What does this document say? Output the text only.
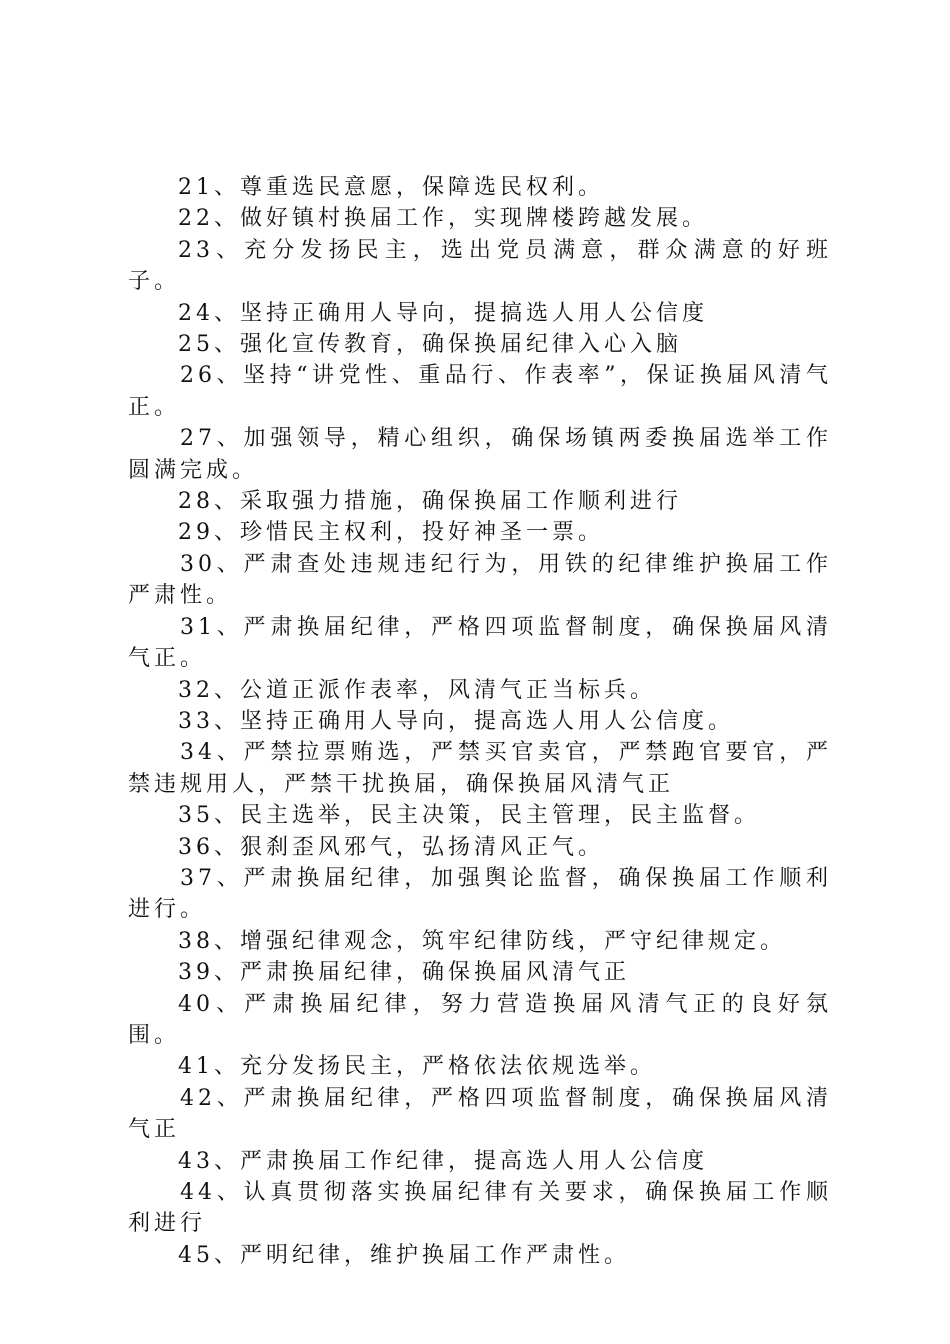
21、尊重选民意愿，保障选民权利。

22、做好镇村换届工作，实现牌楼跨越发展。

23、充分发扬民主，选出党员满意，群众满意的好班子。

24、坚持正确用人导向，提搞选人用人公信度

25、强化宣传教育，确保换届纪律入心入脑

26、坚持“讲党性、重品行、作表率”，保证换届风清气正。

27、加强领导，精心组织，确保场镇两委换届选举工作圆满完成。

28、采取强力措施，确保换届工作顺利进行

29、珍惜民主权利，投好神圣一票。

30、严肃查处违规违纪行为，用铁的纪律维护换届工作严肃性。

31、严肃换届纪律，严格四项监督制度，确保换届风清气正。

32、公道正派作表率，风清气正当标兵。

33、坚持正确用人导向，提高选人用人公信度。

34、严禁拉票贿选，严禁买官卖官，严禁跑官要官，严禁违规用人，严禁干扰换届，确保换届风清气正

35、民主选举，民主决策，民主管理，民主监督。

36、狠刹歪风邪气，弘扬清风正气。

37、严肃换届纪律，加强舆论监督，确保换届工作顺利进行。

38、增强纪律观念，筑牢纪律防线，严守纪律规定。

39、严肃换届纪律，确保换届风清气正

40、严肃换届纪律，努力营造换届风清气正的良好氛围。

41、充分发扬民主，严格依法依规选举。

42、严肃换届纪律，严格四项监督制度，确保换届风清气正

43、严肃换届工作纪律，提高选人用人公信度

44、认真贯彻落实换届纪律有关要求，确保换届工作顺利进行

45、严明纪律，维护换届工作严肃性。
